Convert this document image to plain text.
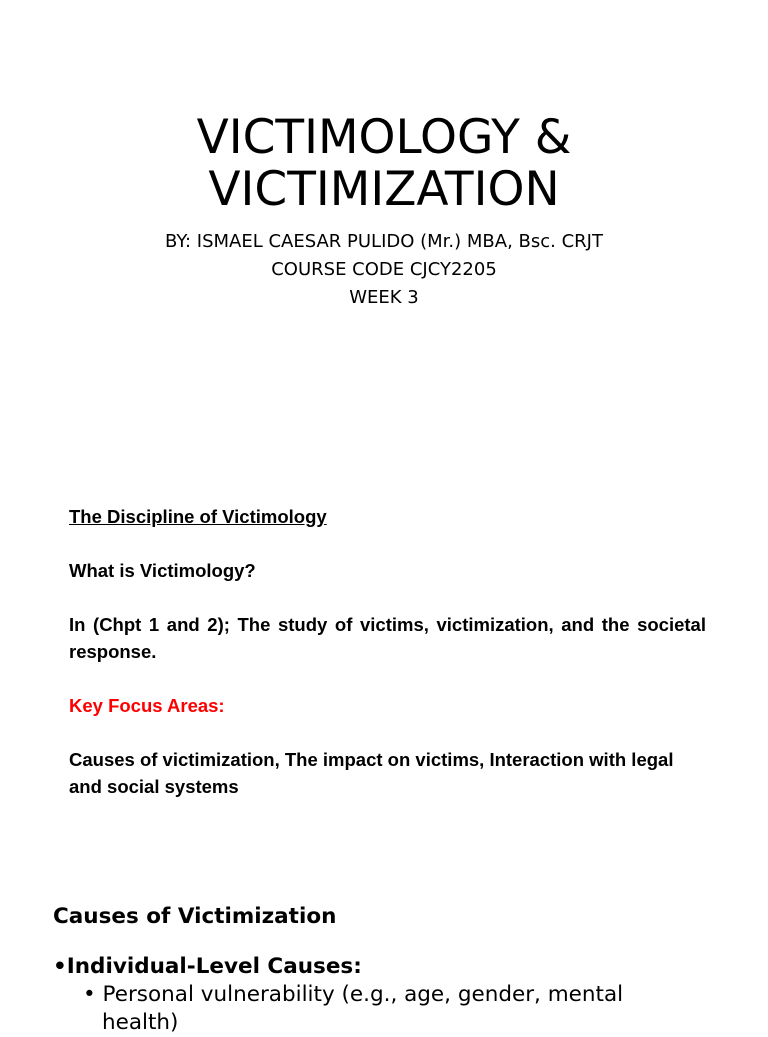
VICTIMOLOGY &
VICTIMIZATION
BY: ISMAEL CAESAR PULIDO (Mr.) MBA, Bsc. CRJT
COURSE CODE CJCY2205
WEEK 3

The Discipline of Victimology

What is Victimology?

In (Chpt 1 and 2); The study of victims, victimization, and the societal response.

Key Focus Areas:

Causes of victimization, The impact on victims, Interaction with legal and social systems

Causes of Victimization
•Individual-Level Causes:
• Personal vulnerability (e.g., age, gender, mental health)
